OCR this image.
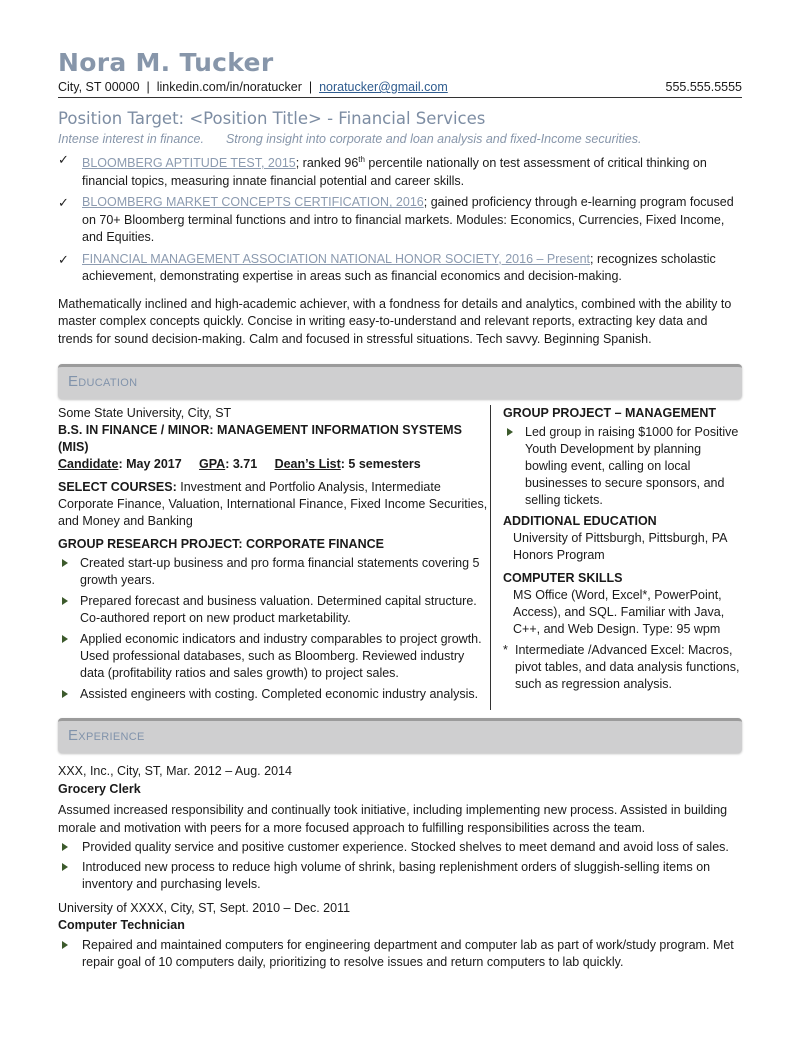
Nora M. Tucker
City, ST 00000 | linkedin.com/in/noratucker | noratucker@gmail.com	555.555.5555
Position Target: <Position Title> - Financial Services
Intense interest in finance. Strong insight into corporate and loan analysis and fixed-Income securities.
✓ BLOOMBERG APTITUDE TEST, 2015; ranked 96th percentile nationally on test assessment of critical thinking on financial topics, measuring innate financial potential and career skills.
✓ BLOOMBERG MARKET CONCEPTS CERTIFICATION, 2016; gained proficiency through e-learning program focused on 70+ Bloomberg terminal functions and intro to financial markets. Modules: Economics, Currencies, Fixed Income, and Equities.
✓ FINANCIAL MANAGEMENT ASSOCIATION NATIONAL HONOR SOCIETY, 2016 – Present; recognizes scholastic achievement, demonstrating expertise in areas such as financial economics and decision-making.
Mathematically inclined and high-academic achiever, with a fondness for details and analytics, combined with the ability to master complex concepts quickly. Concise in writing easy-to-understand and relevant reports, extracting key data and trends for sound decision-making. Calm and focused in stressful situations. Tech savvy. Beginning Spanish.
Education
Some State University, City, ST
B.S. IN FINANCE / MINOR: MANAGEMENT INFORMATION SYSTEMS (MIS)
Candidate: May 2017 GPA: 3.71 Dean’s List: 5 semesters
SELECT COURSES: Investment and Portfolio Analysis, Intermediate Corporate Finance, Valuation, International Finance, Fixed Income Securities, and Money and Banking
GROUP RESEARCH PROJECT: CORPORATE FINANCE
Created start-up business and pro forma financial statements covering 5 growth years.
Prepared forecast and business valuation. Determined capital structure. Co-authored report on new product marketability.
Applied economic indicators and industry comparables to project growth. Used professional databases, such as Bloomberg. Reviewed industry data (profitability ratios and sales growth) to project sales.
Assisted engineers with costing. Completed economic industry analysis.
GROUP PROJECT – MANAGEMENT
Led group in raising $1000 for Positive Youth Development by planning bowling event, calling on local businesses to secure sponsors, and selling tickets.
ADDITIONAL EDUCATION
University of Pittsburgh, Pittsburgh, PA
Honors Program
COMPUTER SKILLS
MS Office (Word, Excel*, PowerPoint, Access), and SQL. Familiar with Java, C++, and Web Design. Type: 95 wpm
* Intermediate /Advanced Excel: Macros, pivot tables, and data analysis functions, such as regression analysis.
Experience
XXX, Inc., City, ST, Mar. 2012 – Aug. 2014
Grocery Clerk
Assumed increased responsibility and continually took initiative, including implementing new process. Assisted in building morale and motivation with peers for a more focused approach to fulfilling responsibilities across the team.
Provided quality service and positive customer experience. Stocked shelves to meet demand and avoid loss of sales.
Introduced new process to reduce high volume of shrink, basing replenishment orders of sluggish-selling items on inventory and purchasing levels.
University of XXXX, City, ST, Sept. 2010 – Dec. 2011
Computer Technician
Repaired and maintained computers for engineering department and computer lab as part of work/study program. Met repair goal of 10 computers daily, prioritizing to resolve issues and return computers to lab quickly.
